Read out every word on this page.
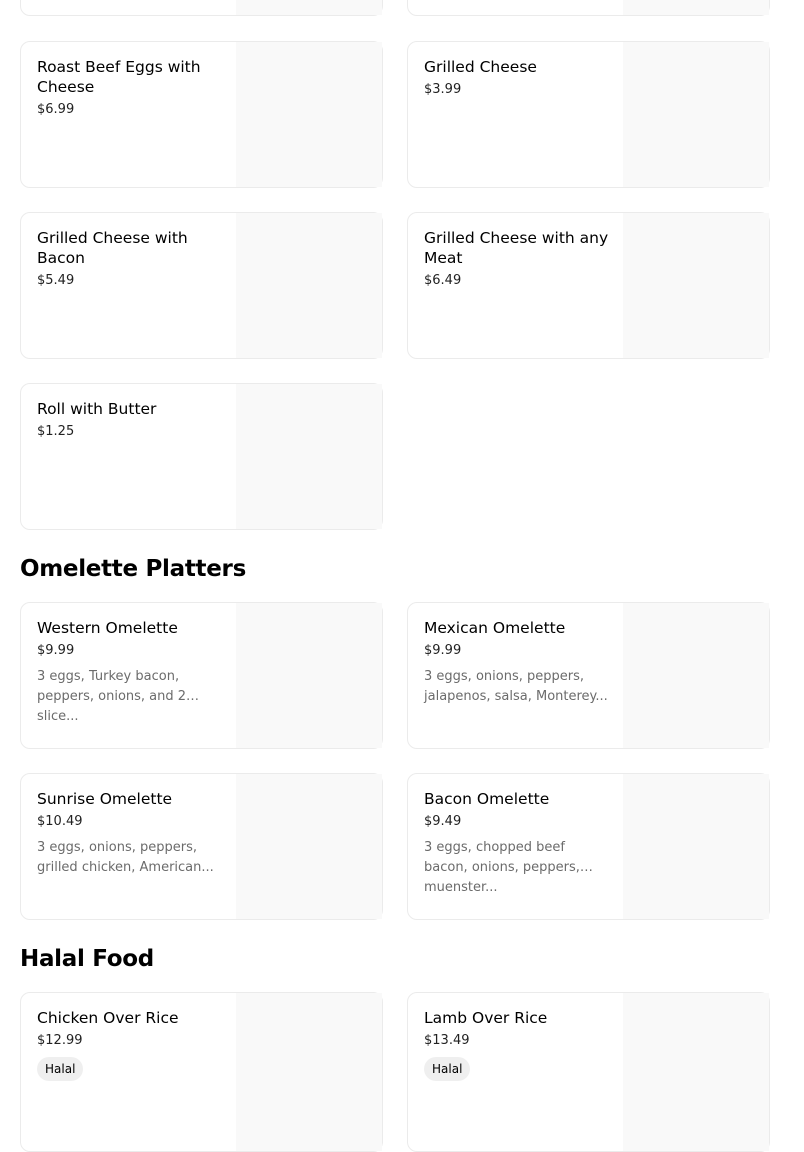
Roast Beef Eggs with Cheese
$6.99
Grilled Cheese
$3.99
Grilled Cheese with Bacon
$5.49
Grilled Cheese with any Meat
$6.49
Roll with Butter
$1.25
Omelette Platters
Western Omelette
$9.99
3 eggs, Turkey bacon, peppers, onions, and 2 slice...
Mexican Omelette
$9.99
3 eggs, onions, peppers, jalapenos, salsa, Monterey...
Sunrise Omelette
$10.49
3 eggs, onions, peppers, grilled chicken, American...
Bacon Omelette
$9.49
3 eggs, chopped beef bacon, onions, peppers, muenster...
Halal Food
Chicken Over Rice
$12.99
Halal
Lamb Over Rice
$13.49
Halal
